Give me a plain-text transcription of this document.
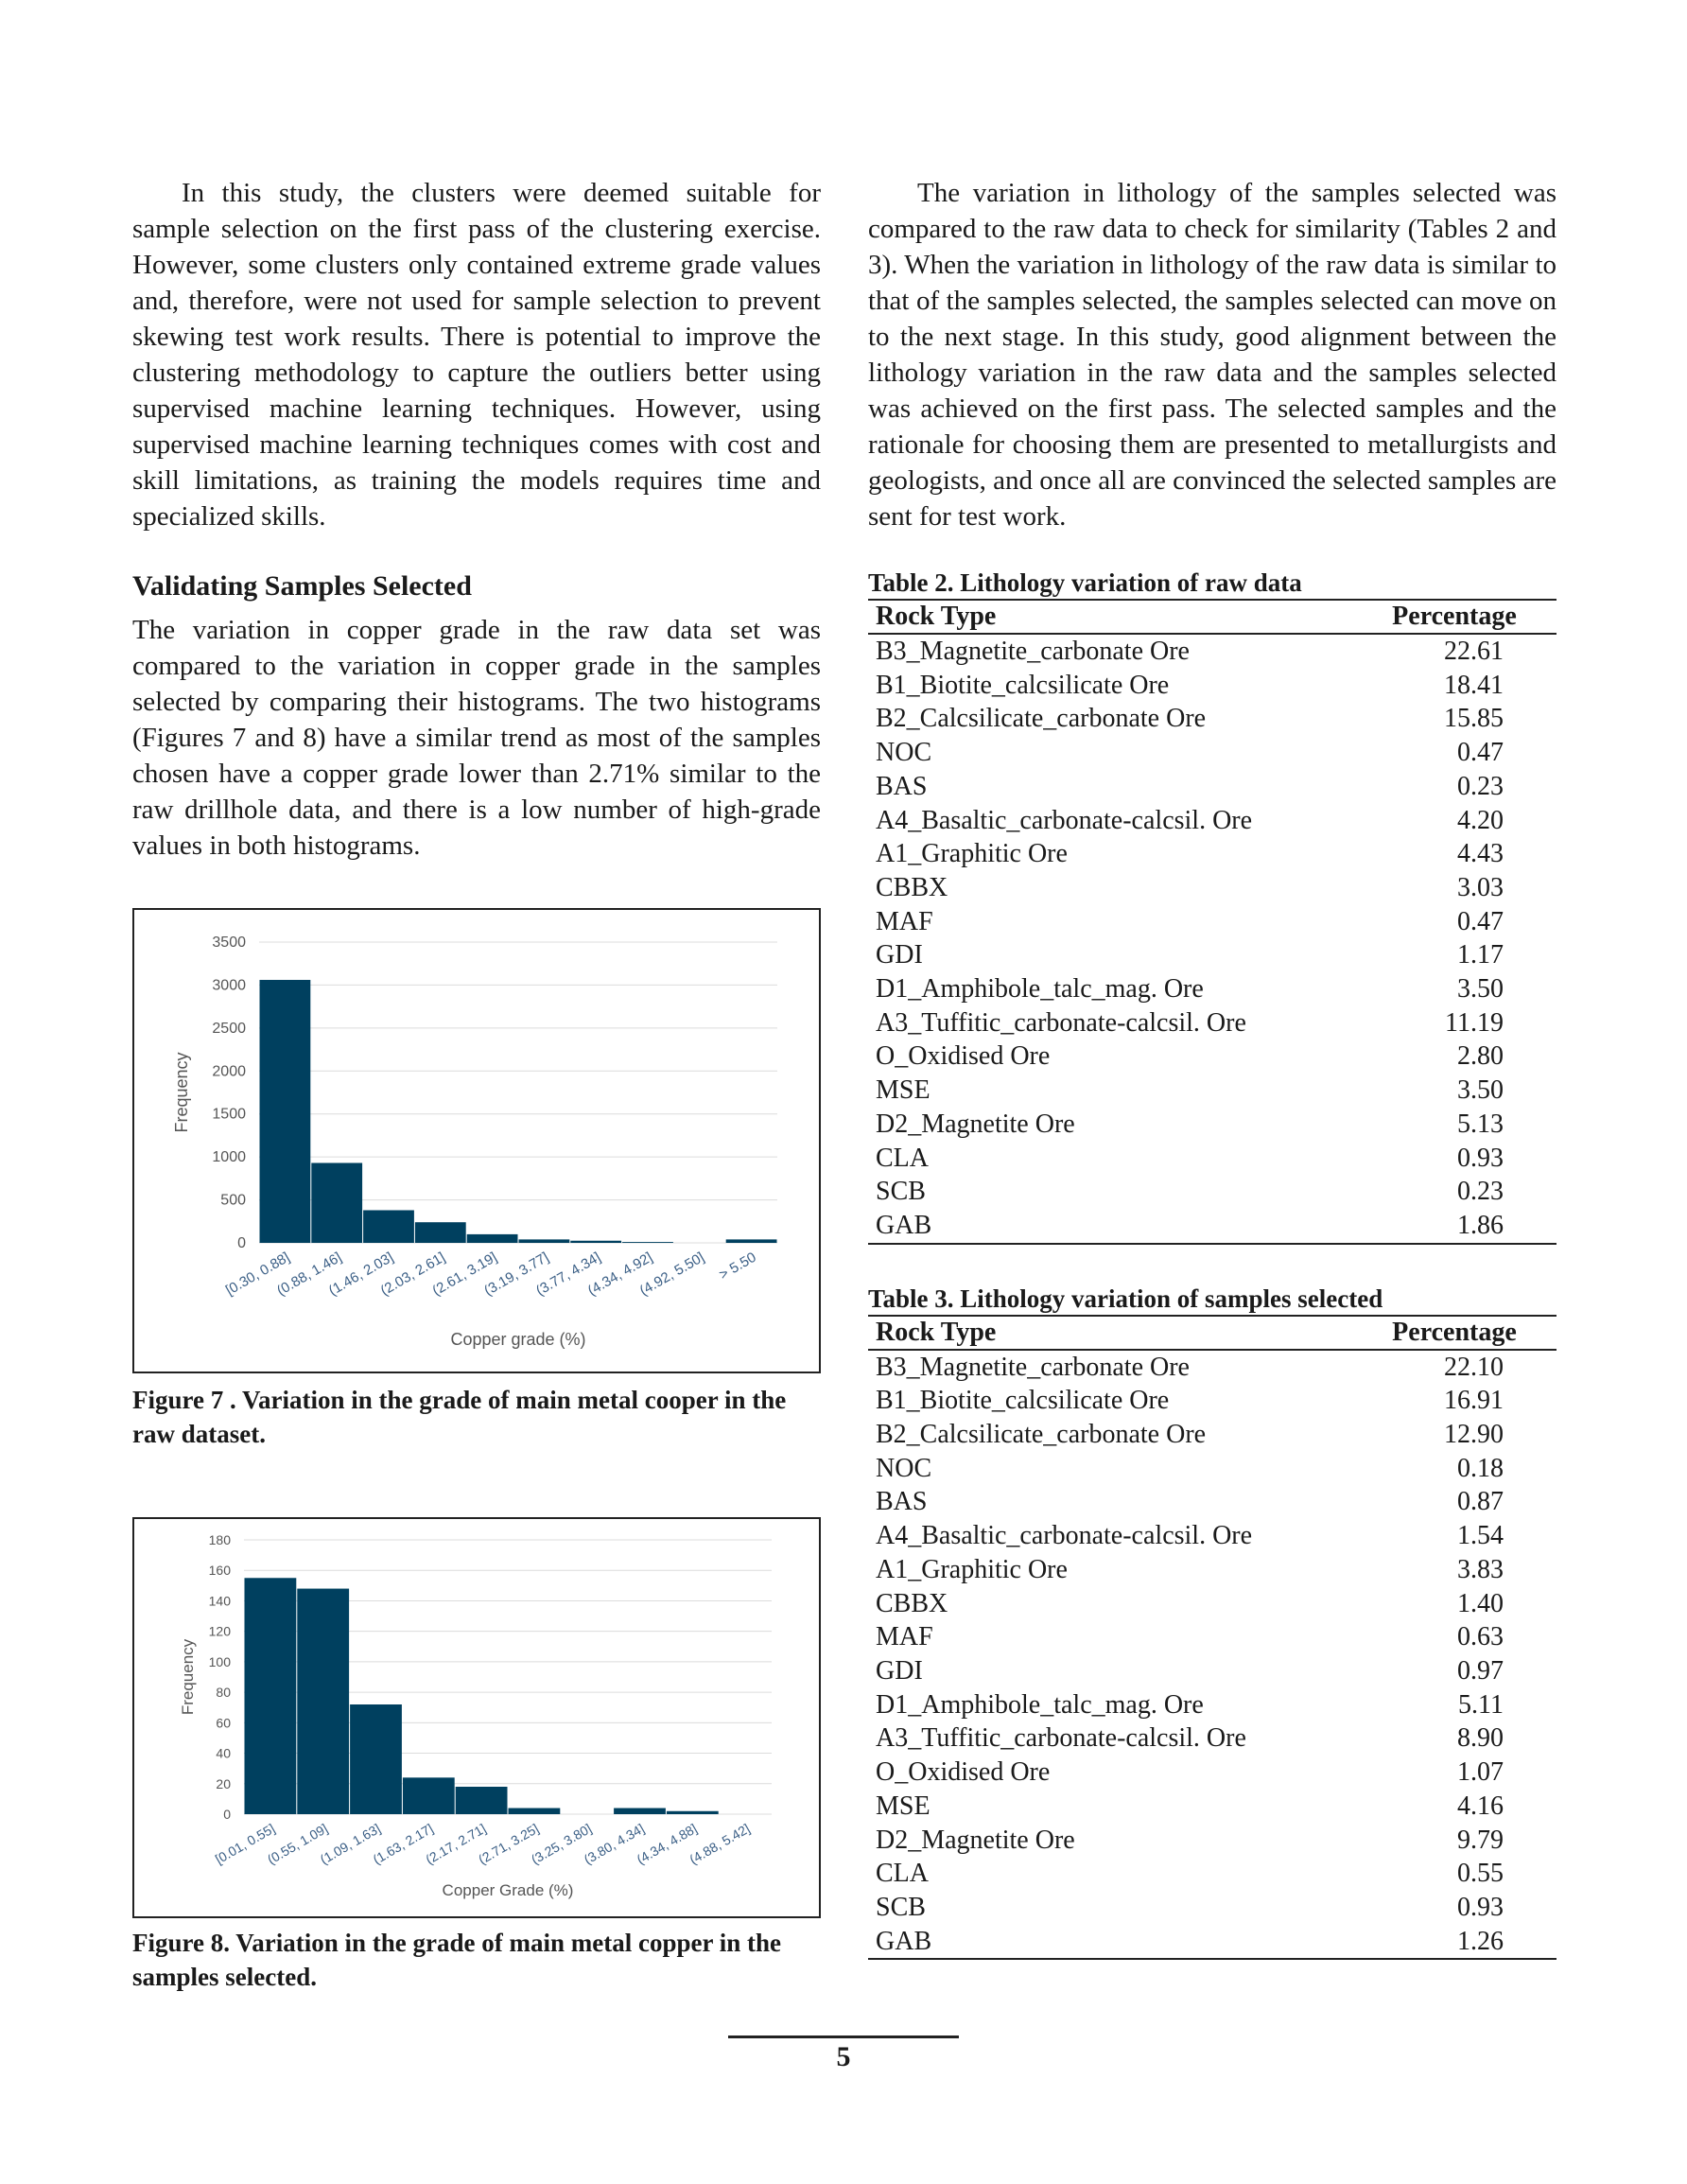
In this study, the clusters were deemed suitable for sample selection on the first pass of the clustering exercise. However, some clusters only contained extreme grade values and, therefore, were not used for sample selection to prevent skewing test work results. There is potential to improve the clustering methodology to capture the outliers better using supervised machine learning techniques. However, using supervised machine learning techniques comes with cost and skill limitations, as training the models requires time and specialized skills.

Validating Samples Selected

The variation in copper grade in the raw data set was compared to the variation in copper grade in the samples selected by comparing their histograms. The two histograms (Figures 7 and 8) have a similar trend as most of the samples chosen have a copper grade lower than 2.71% similar to the raw drillhole data, and there is a low number of high-grade values in both histograms.

0
500
1000
1500
2000
2500
3000
3500
[0.30, 0.88]
(0.88, 1.46]
(1.46, 2.03]
(2.03, 2.61]
(2.61, 3.19]
(3.19, 3.77]
(3.77, 4.34]
(4.34, 4.92]
(4.92, 5.50] > 5.50
Copper grade (%)
Frequency

Figure 7 . Variation in the grade of main metal cooper in the raw dataset.

0
20
40
60
80
100
120
140
160
180
[0.01, 0.55]
(0.55, 1.09]
(1.09, 1.63]
(1.63, 2.17]
(2.17, 2.71]
(2.71, 3.25]
(3.25, 3.80]
(3.80, 4.34]
(4.34, 4.88]
(4.88, 5.42]
Copper Grade (%)
Frequency

Figure 8. Variation in the grade of main metal copper in the samples selected.

The variation in lithology of the samples selected was compared to the raw data to check for similarity (Tables 2 and 3). When the variation in lithology of the raw data is similar to that of the samples selected, the samples selected can move on to the next stage. In this study, good alignment between the lithology variation in the raw data and the samples selected was achieved on the first pass. The selected samples and the rationale for choosing them are presented to metallurgists and geologists, and once all are convinced the selected samples are sent for test work.

Table 2. Lithology variation of raw data

Rock Type	Percentage
B3_Magnetite_carbonate Ore	22.61
B1_Biotite_calcsilicate Ore	18.41
B2_Calcsilicate_carbonate Ore	15.85
NOC	0.47
BAS	0.23
A4_Basaltic_carbonate-calcsil. Ore	4.20
A1_Graphitic Ore	4.43
CBBX	3.03
MAF	0.47
GDI	1.17
D1_Amphibole_talc_mag. Ore	3.50
A3_Tuffitic_carbonate-calcsil. Ore	11.19
O_Oxidised Ore	2.80
MSE	3.50
D2_Magnetite Ore	5.13
CLA	0.93
SCB	0.23
GAB	1.86

Table 3. Lithology variation of samples selected

Rock Type	Percentage
B3_Magnetite_carbonate Ore	22.10
B1_Biotite_calcsilicate Ore	16.91
B2_Calcsilicate_carbonate Ore	12.90
NOC	0.18
BAS	0.87
A4_Basaltic_carbonate-calcsil. Ore	1.54
A1_Graphitic Ore	3.83
CBBX	1.40
MAF	0.63
GDI	0.97
D1_Amphibole_talc_mag. Ore	5.11
A3_Tuffitic_carbonate-calcsil. Ore	8.90
O_Oxidised Ore	1.07
MSE	4.16
D2_Magnetite Ore	9.79
CLA	0.55
SCB	0.93
GAB	1.26
5
